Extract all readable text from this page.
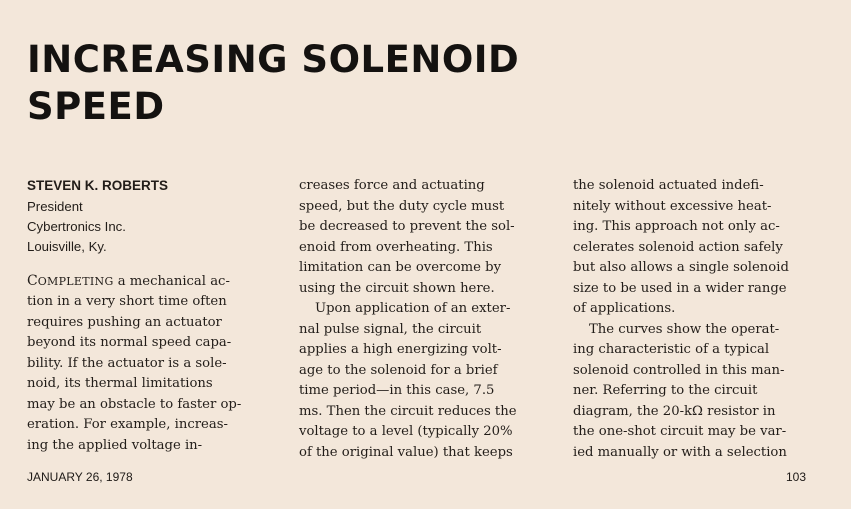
INCREASING SOLENOID SPEED
STEVEN K. ROBERTS
President
Cybertronics Inc.
Louisville, Ky.
COMPLETING a mechanical ac-
tion in a very short time often
requires pushing an actuator
beyond its normal speed capa-
bility. If the actuator is a sole-
noid, its thermal limitations
may be an obstacle to faster op-
eration. For example, increas-
ing the applied voltage in-
creases force and actuating
speed, but the duty cycle must
be decreased to prevent the sol-
enoid from overheating. This
limitation can be overcome by
using the circuit shown here.
Upon application of an exter-
nal pulse signal, the circuit
applies a high energizing volt-
age to the solenoid for a brief
time period—in this case, 7.5
ms. Then the circuit reduces the
voltage to a level (typically 20%
of the original value) that keeps
the solenoid actuated indefi-
nitely without excessive heat-
ing. This approach not only ac-
celerates solenoid action safely
but also allows a single solenoid
size to be used in a wider range
of applications.
The curves show the operat-
ing characteristic of a typical
solenoid controlled in this man-
ner. Referring to the circuit
diagram, the 20-kΩ resistor in
the one-shot circuit may be var-
ied manually or with a selection
JANUARY 26, 1978	103
